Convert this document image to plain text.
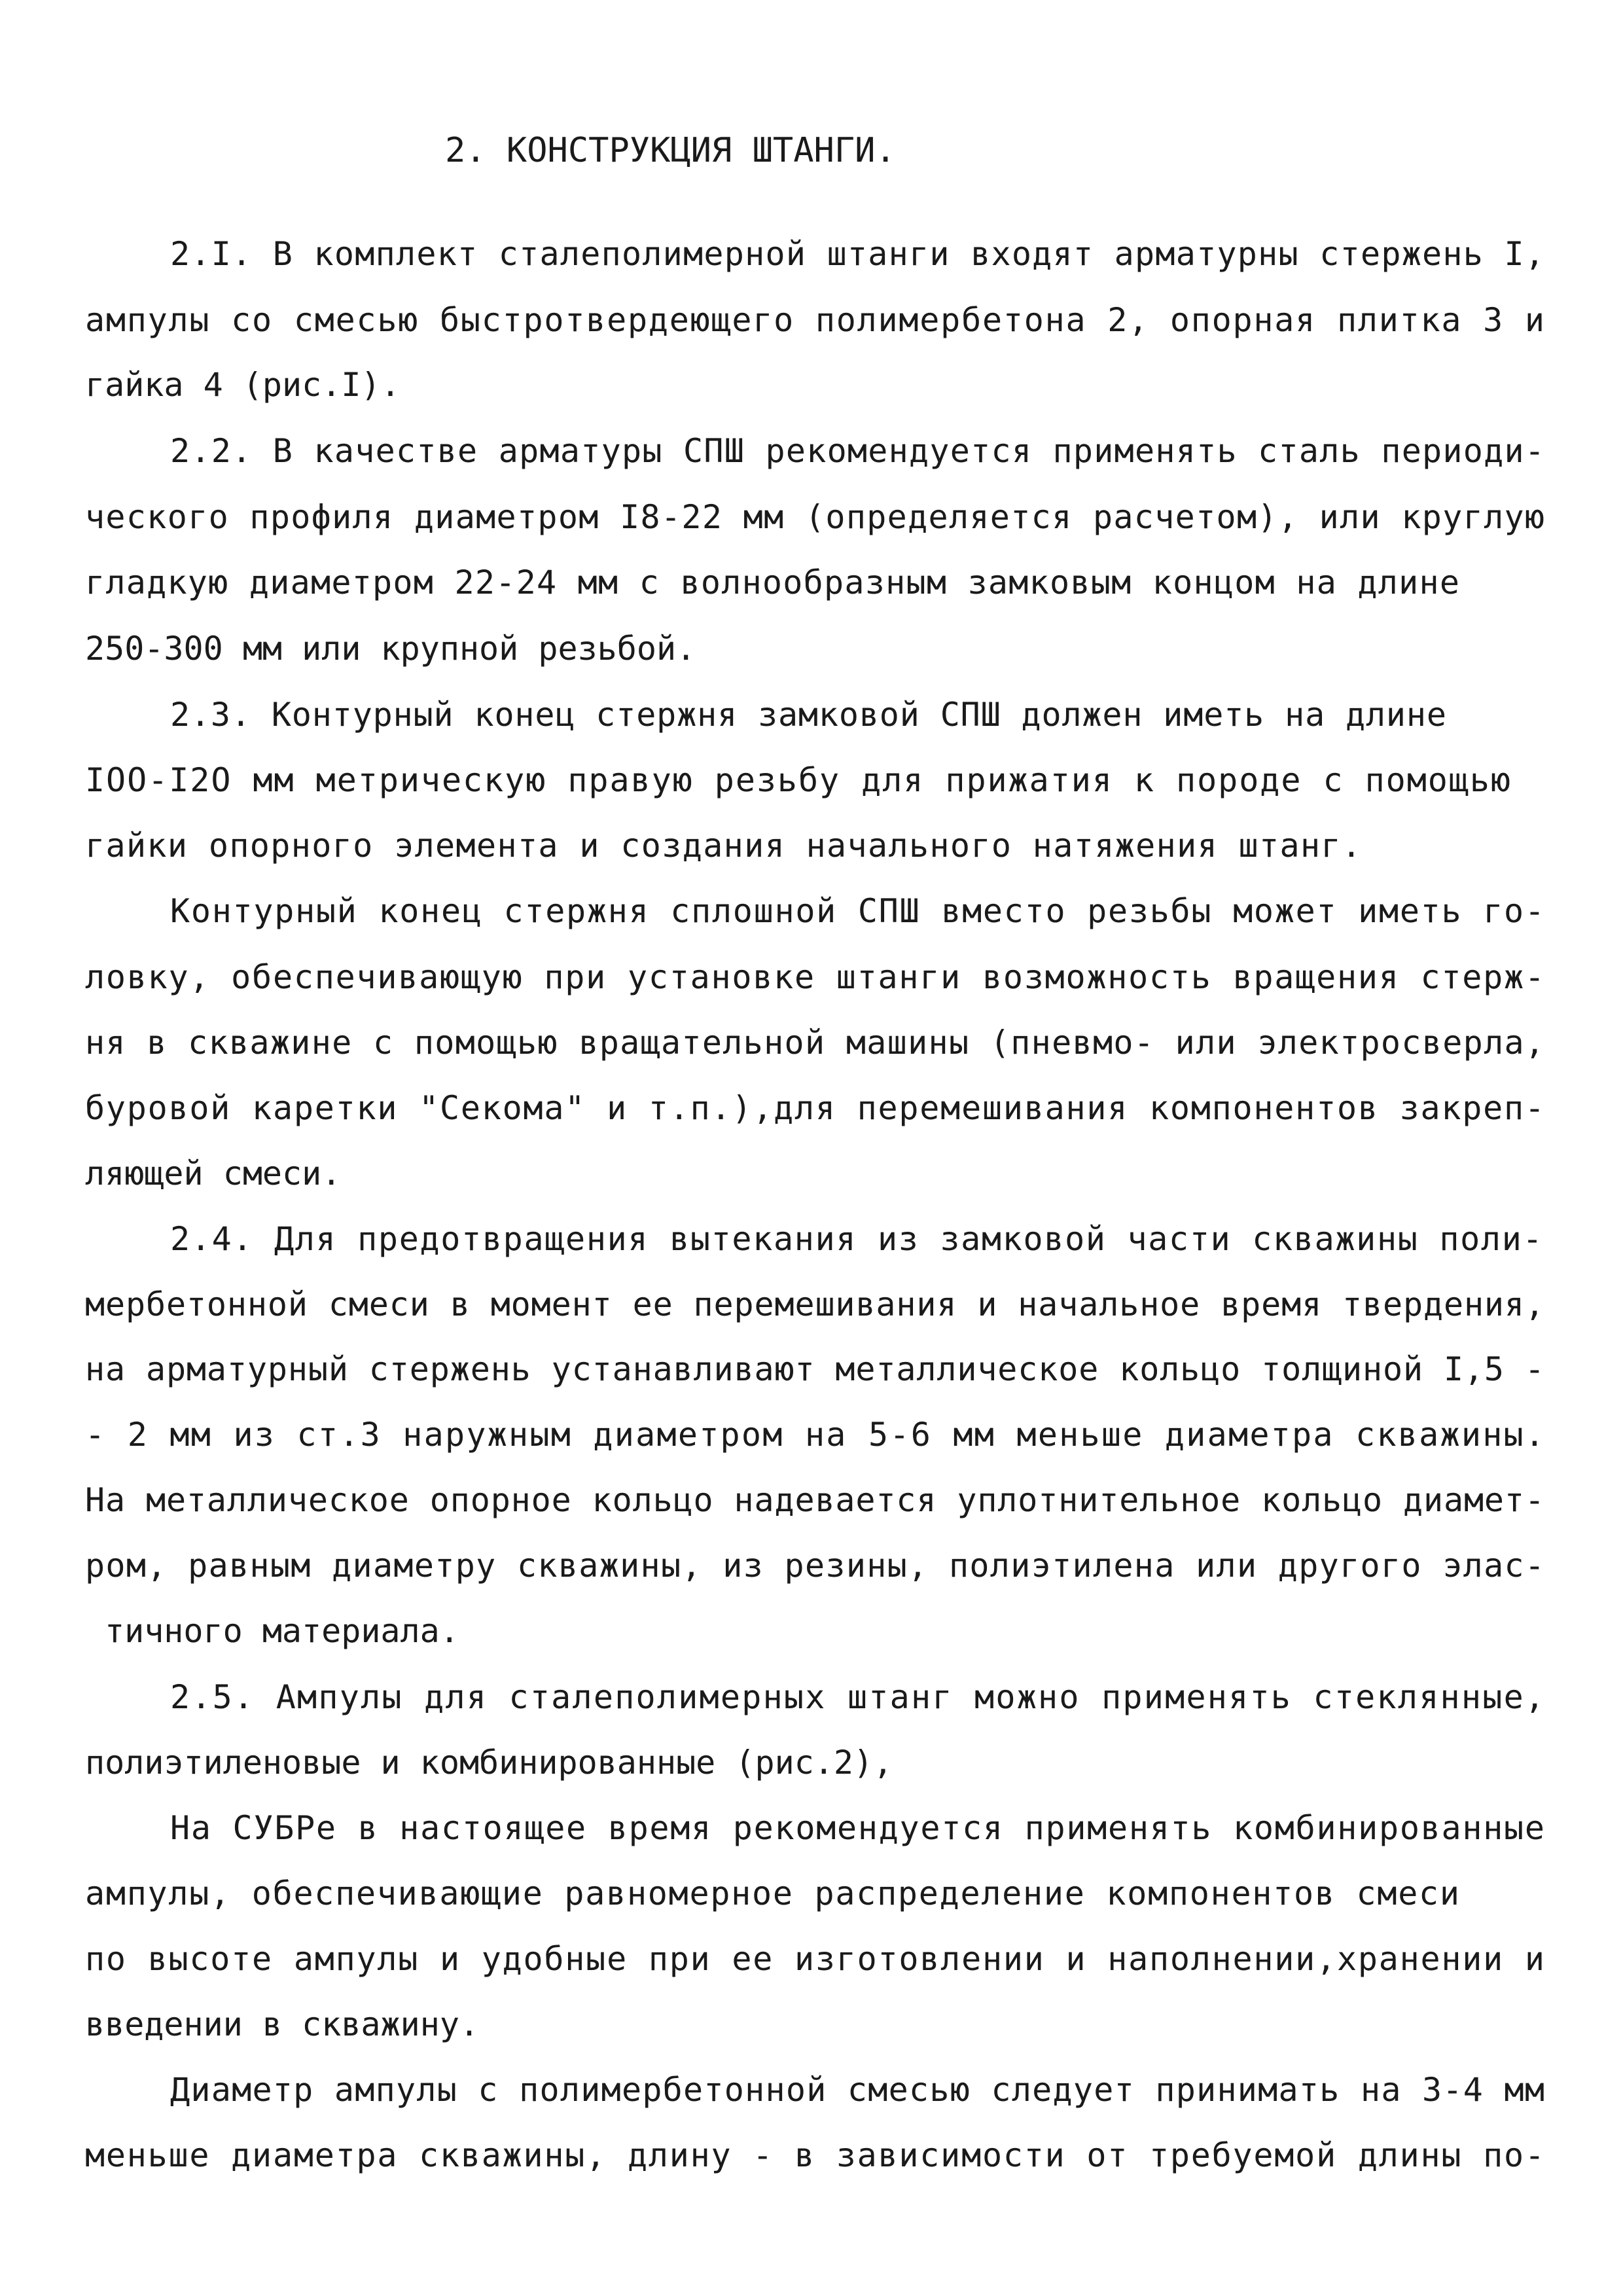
2. КОНСТРУКЦИЯ ШТАНГИ.
2.I. В комплект сталеполимерной штанги входят арматурны стержень I,
ампулы со смесью быстротвердеющего полимербетона 2, опорная плитка 3 и
гайка 4 (рис.I).
2.2. В качестве арматуры СПШ рекомендуется применять сталь периоди-
ческого профиля диаметром I8-22 мм (определяется расчетом), или круглую
гладкую диаметром 22-24 мм с волнообразным замковым концом на длине
250-300 мм или крупной резьбой.
2.3. Контурный конец стержня замковой СПШ должен иметь на длине
IOO-I2O мм метрическую правую резьбу для прижатия к породе с помощью
гайки опорного элемента и создания начального натяжения штанг.
Контурный конец стержня сплошной СПШ вместо резьбы может иметь го-
ловку, обеспечивающую при установке штанги возможность вращения стерж-
ня в скважине с помощью вращательной машины (пневмо- или электросверла,
буровой каретки "Секома" и т.п.),для перемешивания компонентов закреп-
ляющей смеси.
2.4. Для предотвращения вытекания из замковой части скважины поли-
мербетонной смеси в момент ее перемешивания и начальное время твердения,
на арматурный стержень устанавливают металлическое кольцо толщиной I,5 -
- 2 мм из ст.3 наружным диаметром на 5-6 мм меньше диаметра скважины.
На металлическое опорное кольцо надевается уплотнительное кольцо диамет-
ром, равным диаметру скважины, из резины, полиэтилена или другого элас-
тичного материала.
2.5. Ампулы для сталеполимерных штанг можно применять стеклянные,
полиэтиленовые и комбинированные (рис.2),
На СУБРе в настоящее время рекомендуется применять комбинированные
ампулы, обеспечивающие равномерное распределение компонентов смеси
по высоте ампулы и удобные при ее изготовлении и наполнении,хранении и
введении в скважину.
Диаметр ампулы с полимербетонной смесью следует принимать на 3-4 мм
меньше диаметра скважины, длину - в зависимости от требуемой длины по-
